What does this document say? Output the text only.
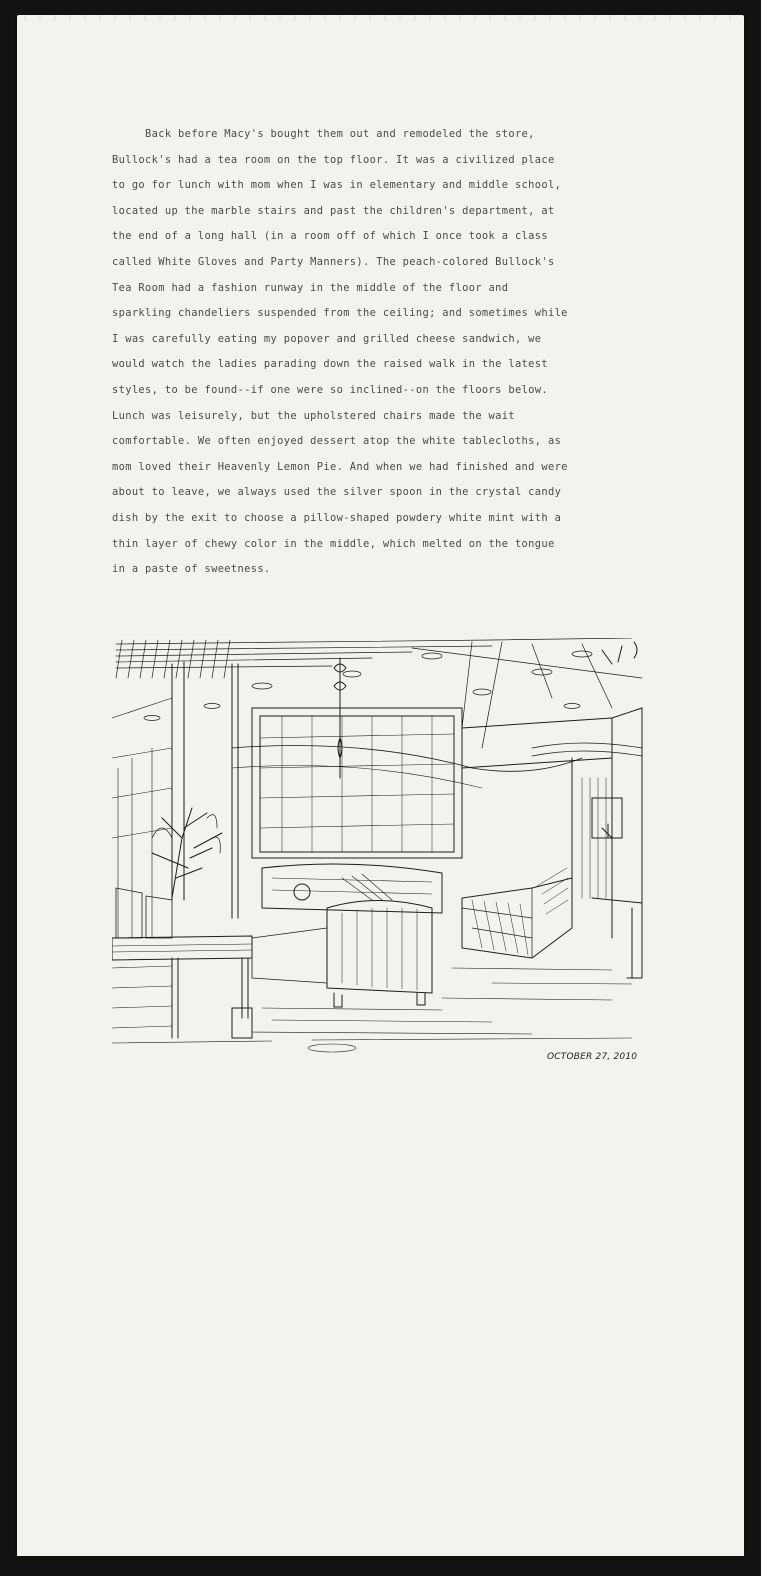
Back before Macy's bought them out and remodeled the store,
Bullock's had a tea room on the top floor. It was a civilized place
to go for lunch with mom when I was in elementary and middle school,
located up the marble stairs and past the children's department, at
the end of a long hall (in a room off of which I once took a class
called White Gloves and Party Manners). The peach-colored Bullock's
Tea Room had a fashion runway in the middle of the floor and
sparkling chandeliers suspended from the ceiling; and sometimes while
I was carefully eating my popover and grilled cheese sandwich, we
would watch the ladies parading down the raised walk in the latest
styles, to be found--if one were so inclined--on the floors below.
Lunch was leisurely, but the upholstered chairs made the wait
comfortable. We often enjoyed dessert atop the white tablecloths, as
mom loved their Heavenly Lemon Pie. And when we had finished and were
about to leave, we always used the silver spoon in the crystal candy
dish by the exit to choose a pillow-shaped powdery white mint with a
thin layer of chewy color in the middle, which melted on the tongue
in a paste of sweetness.
OCTOBER 27, 2010
